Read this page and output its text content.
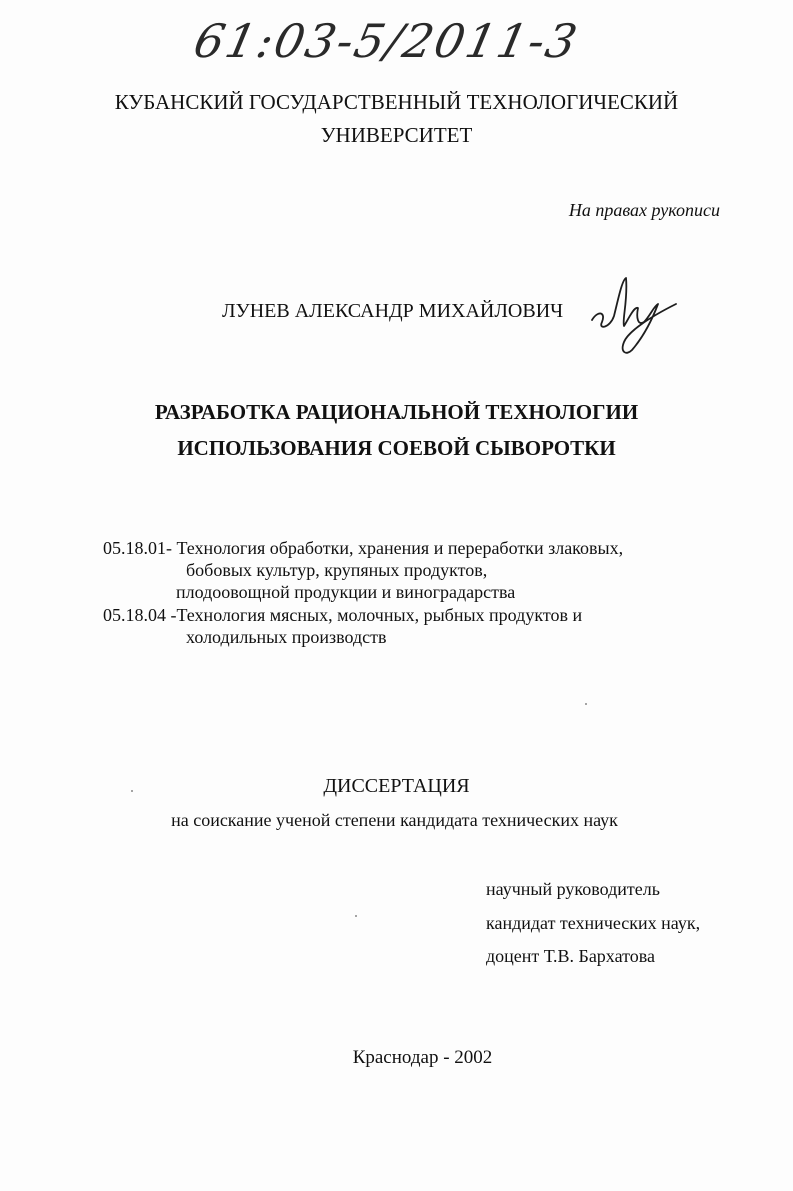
61:03-5/2011-3
КУБАНСКИЙ ГОСУДАРСТВЕННЫЙ ТЕХНОЛОГИЧЕСКИЙ
УНИВЕРСИТЕТ
На правах рукописи
ЛУНЕВ АЛЕКСАНДР МИХАЙЛОВИЧ
РАЗРАБОТКА РАЦИОНАЛЬНОЙ ТЕХНОЛОГИИ
ИСПОЛЬЗОВАНИЯ СОЕВОЙ СЫВОРОТКИ
05.18.01- Технология обработки, хранения и переработки злаковых,
бобовых культур, крупяных продуктов,
плодоовощной продукции и виноградарства
05.18.04 -Технология мясных, молочных, рыбных продуктов и
холодильных производств
ДИССЕРТАЦИЯ
на соискание ученой степени кандидата технических наук
научный руководитель
кандидат технических наук,
доцент Т.В. Бархатова
Краснодар - 2002
